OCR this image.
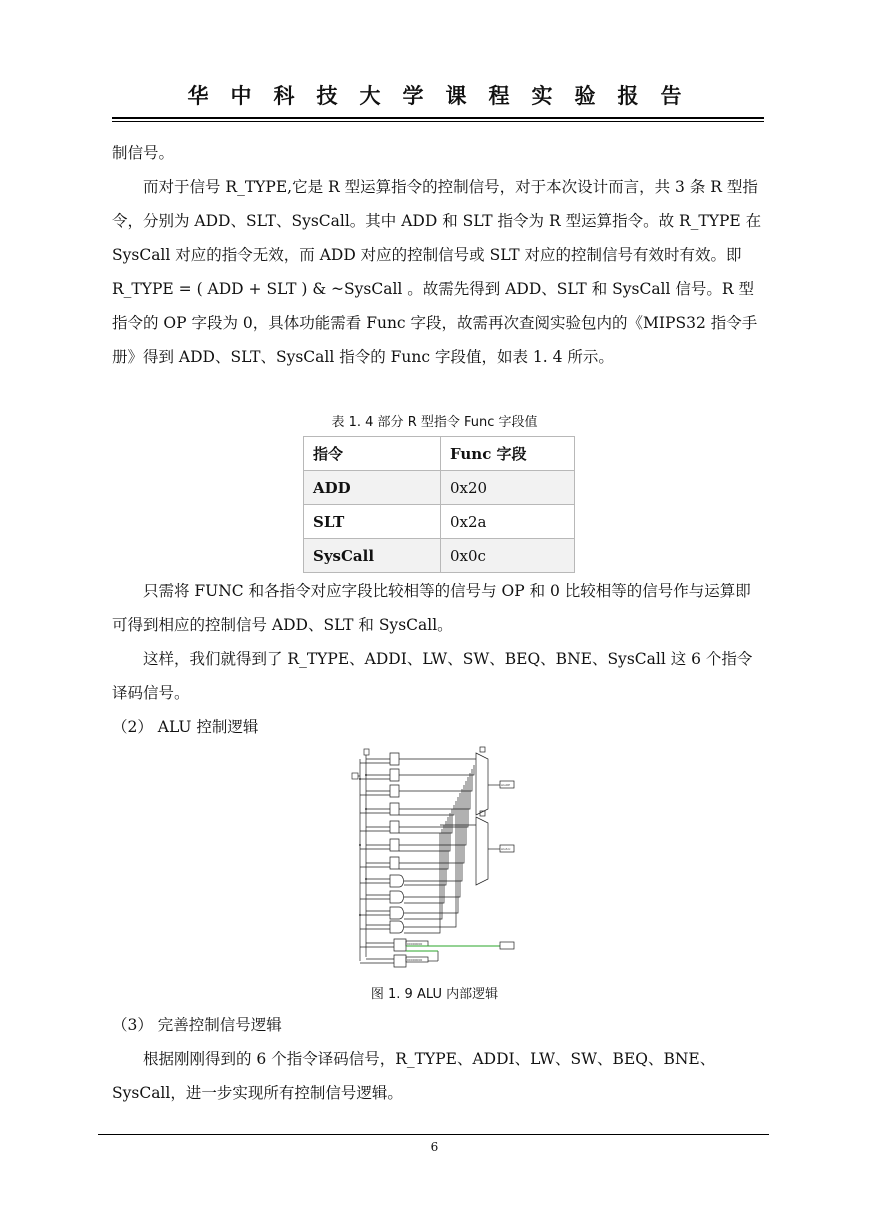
华中科技大学课程实验报告

制信号。

而对于信号 R_TYPE,它是 R 型运算指令的控制信号，对于本次设计而言，共 3 条 R 型指令，分别为 ADD、SLT、SysCall。其中 ADD 和 SLT 指令为 R 型运算指令。故 R_TYPE 在 SysCall 对应的指令无效，而 ADD 对应的控制信号或 SLT 对应的控制信号有效时有效。即 R_TYPE = ( ADD + SLT ) & ~SysCall 。故需先得到 ADD、SLT 和 SysCall 信号。R 型指令的 OP 字段为 0，具体功能需看 Func 字段，故需再次查阅实验包内的《MIPS32 指令手册》得到 ADD、SLT、SysCall 指令的 Func 字段值，如表 1. 4 所示。

表 1. 4 部分 R 型指令 Func 字段值
指令	Func 字段
ADD	0x20
SLT	0x2a
SysCall	0x0c

只需将 FUNC 和各指令对应字段比较相等的信号与 OP 和 0 比较相等的信号作与运算即可得到相应的控制信号 ADD、SLT 和 SysCall。

这样，我们就得到了 R_TYPE、ADDI、LW、SW、BEQ、BNE、SysCall 这 6 个指令译码信号。

（2） ALU 控制逻辑

AluOP
AluSrc
00000000
00000000
图 1. 9 ALU 内部逻辑

（3） 完善控制信号逻辑

根据刚刚得到的 6 个指令译码信号，R_TYPE、ADDI、LW、SW、BEQ、BNE、SysCall，进一步实现所有控制信号逻辑。

6
